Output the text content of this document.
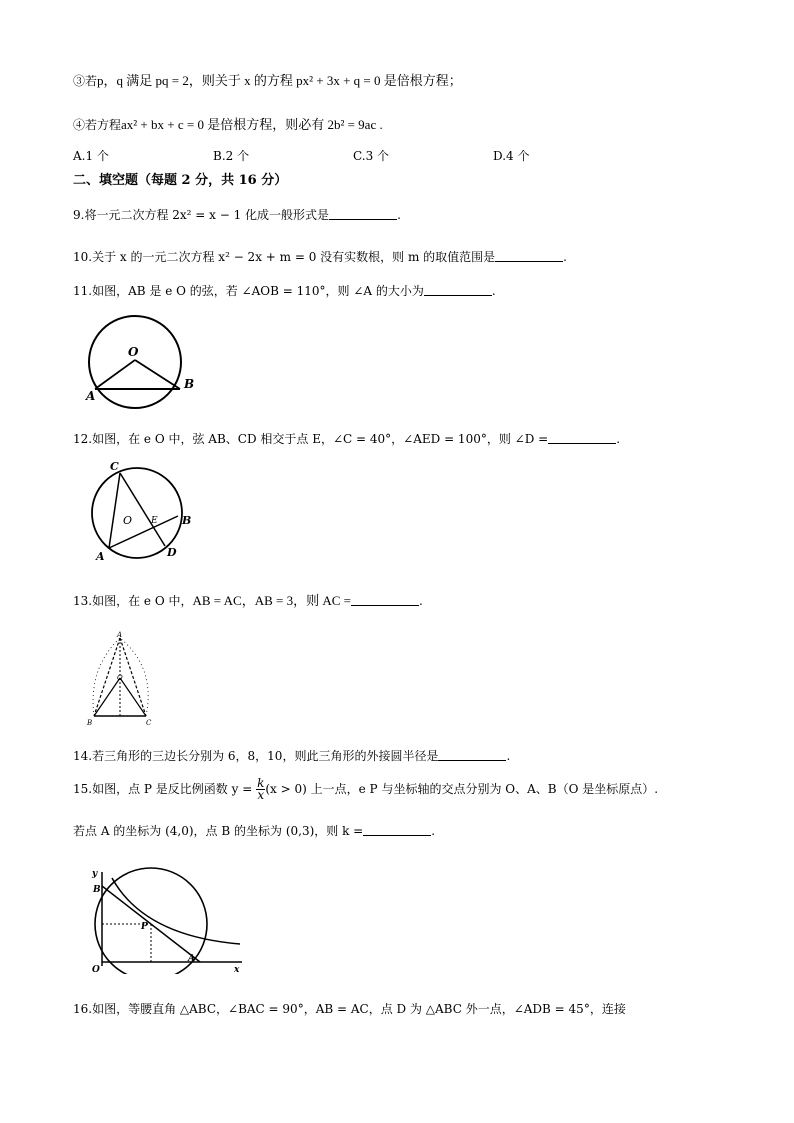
③若p，q 满足 pq = 2，则关于 x 的方程 px² + 3x + q = 0 是倍根方程；
④若方程ax² + bx + c = 0 是倍根方程，则必有 2b² = 9ac .
A.1 个	B.2 个	C.3 个	D.4 个
二、填空题（每题 2 分，共 16 分）
9.将一元二次方程 2x² = x − 1 化成一般形式是	.
10.关于 x 的一元二次方程 x² − 2x + m = 0 没有实数根，则 m 的取值范围是	.
11.如图，AB 是 e O 的弦，若 ∠AOB = 110°，则 ∠A 的大小为	.
O
A
B
12.如图，在 e O 中，弦 AB、CD 相交于点 E，∠C = 40°，∠AED = 100°，则 ∠D =	.
C
O E B
A	D
13.如图，在 e O 中，AB = AC，AB = 3，则 AC =	.
A
O
B	C
14.若三角形的三边长分别为 6，8，10，则此三角形的外接圆半径是	.
15.如图，点 P 是反比例函数 $y = \frac{k}{x} (x > 0)$ 上一点，e P 与坐标轴的交点分别为 O、A、B（O 是坐标原点）.
若点 A 的坐标为 (4,0)，点 B 的坐标为 (0,3)，则 k =	.
y
B
P
O
A
x
16.如图，等腰直角 △ABC，∠BAC = 90°，AB = AC，点 D 为 △ABC 外一点，∠ADB = 45°，连接
